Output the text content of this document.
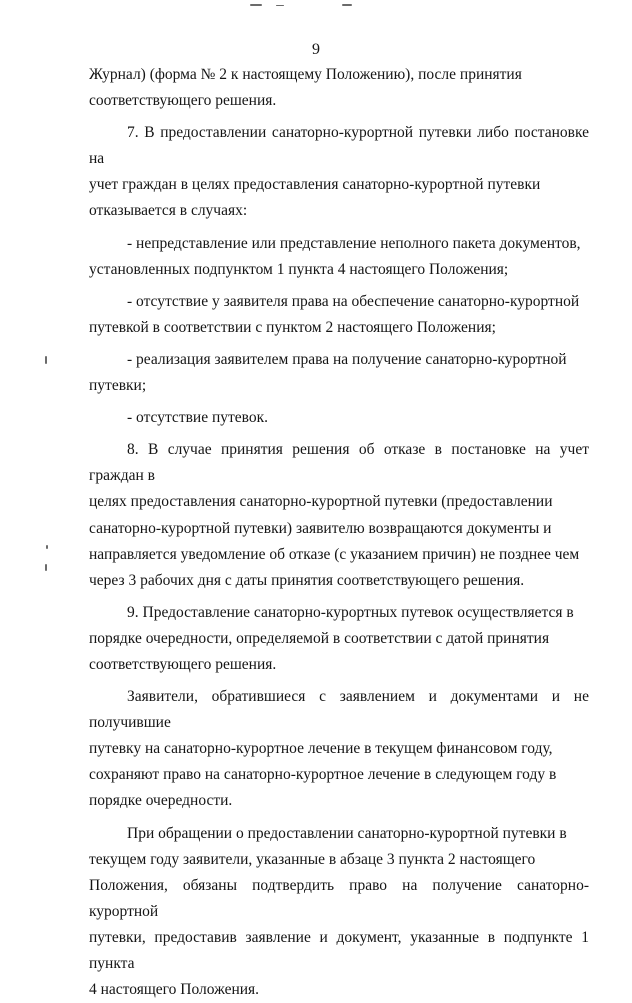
9

Журнал) (форма № 2 к настоящему Положению), после принятия
соответствующего решения.

7. В предоставлении санаторно-курортной путевки либо постановке на
учет граждан в целях предоставления санаторно-курортной путевки
отказывается в случаях:

- непредставление или представление неполного пакета документов,
установленных подпунктом 1 пункта 4 настоящего Положения;

- отсутствие у заявителя права на обеспечение санаторно-курортной
путевкой в соответствии с пунктом 2 настоящего Положения;

- реализация заявителем права на получение санаторно-курортной
путевки;

- отсутствие путевок.

8. В случае принятия решения об отказе в постановке на учет граждан в
целях предоставления санаторно-курортной путевки (предоставлении
санаторно-курортной путевки) заявителю возвращаются документы и
направляется уведомление об отказе (с указанием причин) не позднее чем
через 3 рабочих дня с даты принятия соответствующего решения.

9. Предоставление санаторно-курортных путевок осуществляется в
порядке очередности, определяемой в соответствии с датой принятия
соответствующего решения.

Заявители, обратившиеся с заявлением и документами и не получившие
путевку на санаторно-курортное лечение в текущем финансовом году,
сохраняют право на санаторно-курортное лечение в следующем году в
порядке очередности.

При обращении о предоставлении санаторно-курортной путевки в
текущем году заявители, указанные в абзаце 3 пункта 2 настоящего
Положения, обязаны подтвердить право на получение санаторно-курортной
путевки, предоставив заявление и документ, указанные в подпункте 1 пункта
4 настоящего Положения.
